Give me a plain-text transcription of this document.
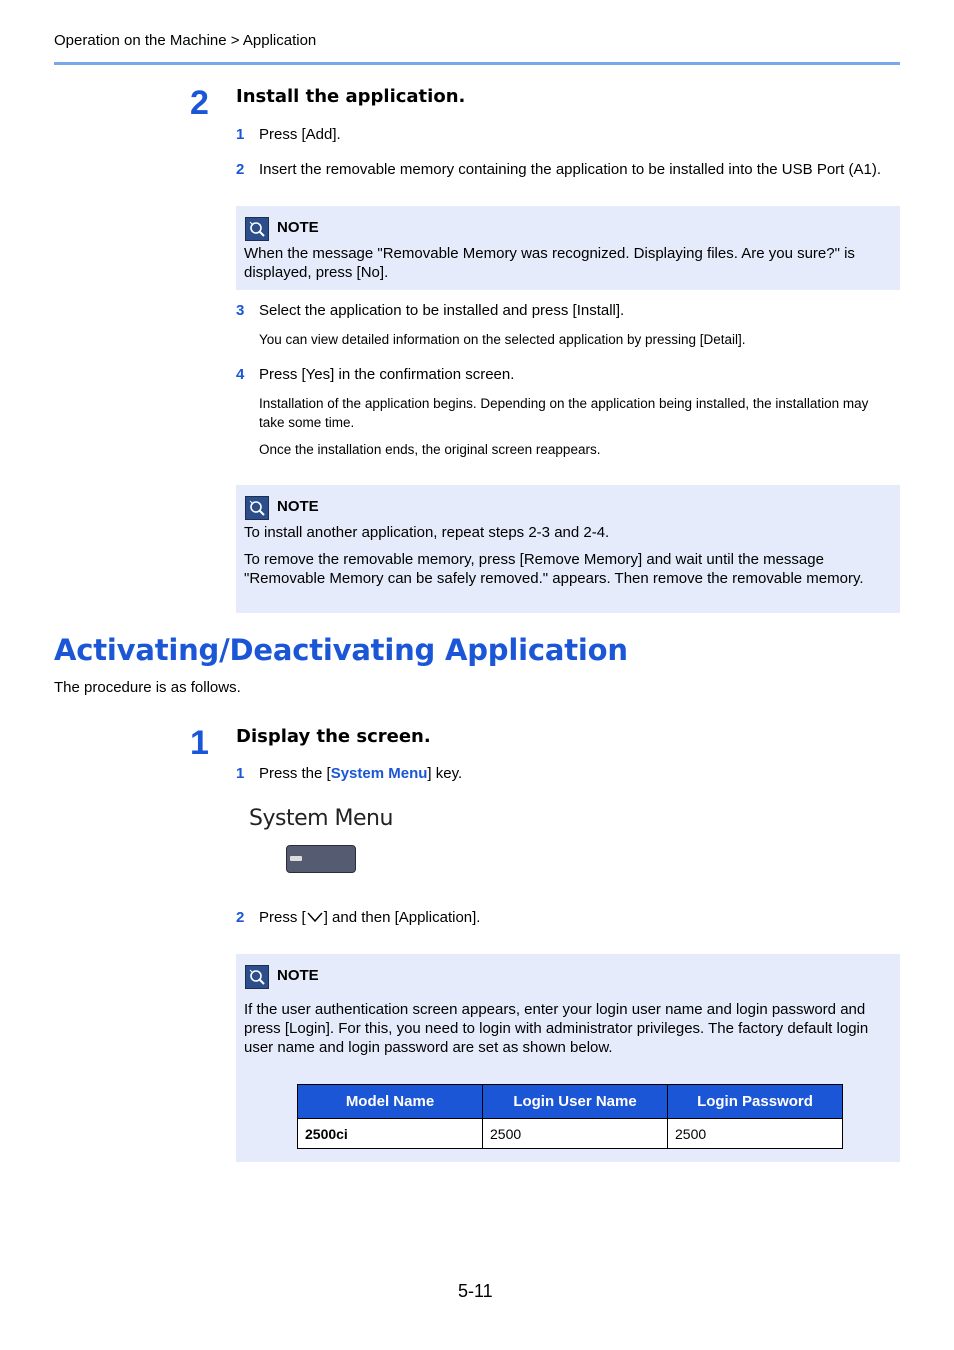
Operation on the Machine > Application
2 Install the application.
1 Press [Add].
2 Insert the removable memory containing the application to be installed into the USB Port (A1).
NOTE
When the message "Removable Memory was recognized. Displaying files. Are you sure?" is displayed, press [No].
3 Select the application to be installed and press [Install].
You can view detailed information on the selected application by pressing [Detail].
4 Press [Yes] in the confirmation screen.
Installation of the application begins. Depending on the application being installed, the installation may take some time.
Once the installation ends, the original screen reappears.
NOTE
To install another application, repeat steps 2-3 and 2-4.
To remove the removable memory, press [Remove Memory] and wait until the message "Removable Memory can be safely removed." appears. Then remove the removable memory.
Activating/Deactivating Application
The procedure is as follows.
1 Display the screen.
1 Press the [System Menu] key.
System Menu
2 Press [ ] and then [Application].
NOTE
If the user authentication screen appears, enter your login user name and login password and press [Login]. For this, you need to login with administrator privileges. The factory default login user name and login password are set as shown below.
Model Name	Login User Name	Login Password
2500ci	2500	2500
5-11
